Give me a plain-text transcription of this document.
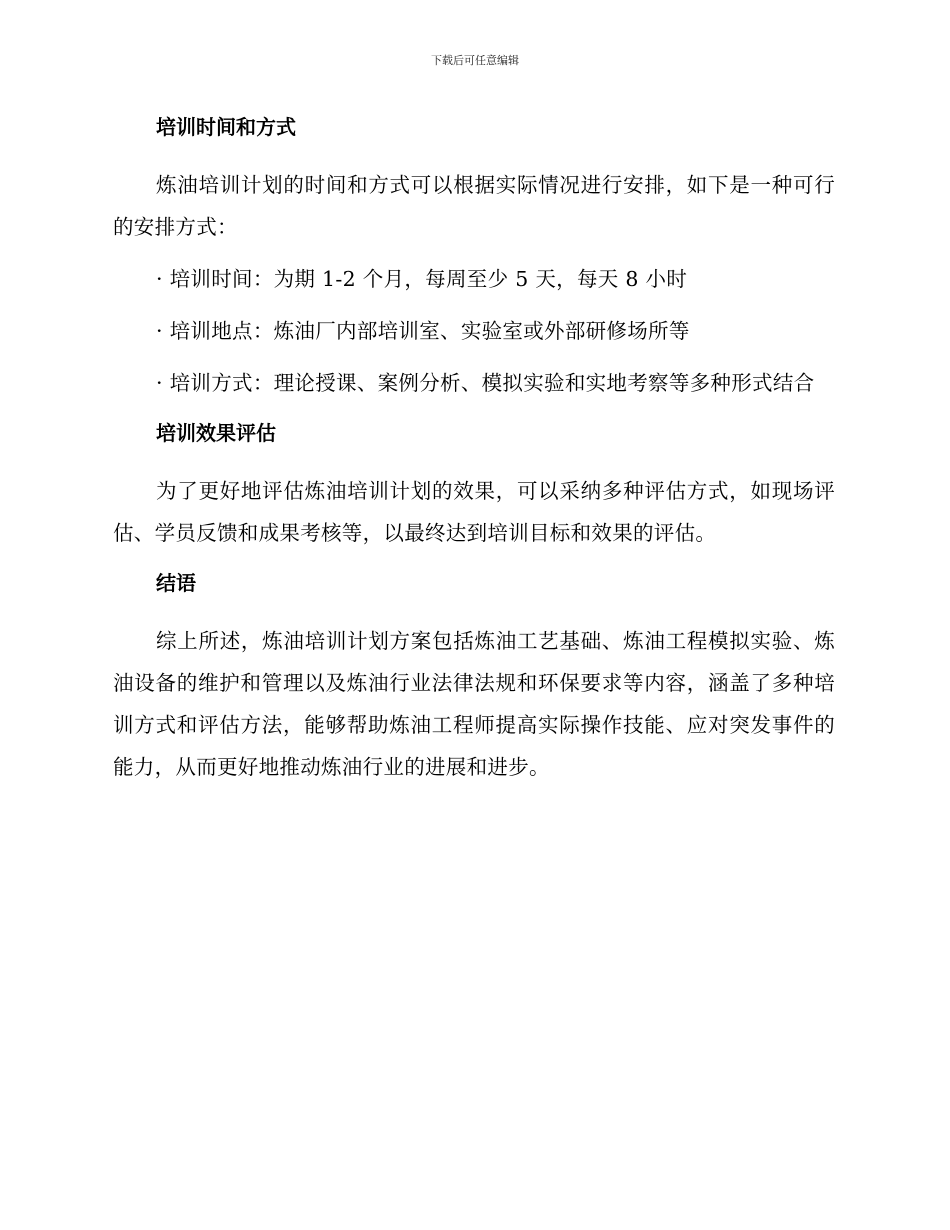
下载后可任意编辑
培训时间和方式

炼油培训计划的时间和方式可以根据实际情况进行安排，如下是一种可行的安排方式：

· 培训时间：为期 1-2 个月，每周至少 5 天，每天 8 小时

· 培训地点：炼油厂内部培训室、实验室或外部研修场所等

· 培训方式：理论授课、案例分析、模拟实验和实地考察等多种形式结合

培训效果评估

为了更好地评估炼油培训计划的效果，可以采纳多种评估方式，如现场评估、学员反馈和成果考核等，以最终达到培训目标和效果的评估。

结语

综上所述，炼油培训计划方案包括炼油工艺基础、炼油工程模拟实验、炼油设备的维护和管理以及炼油行业法律法规和环保要求等内容，涵盖了多种培训方式和评估方法，能够帮助炼油工程师提高实际操作技能、应对突发事件的能力，从而更好地推动炼油行业的进展和进步。
